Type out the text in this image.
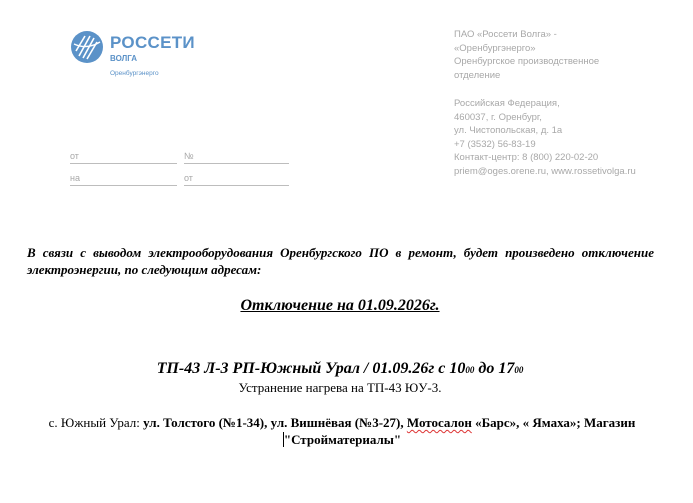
РОССЕТИ
ВОЛГА
Оренбургэнерго
ПАО «Россети Волга» -
«Оренбургэнерго»
Оренбургское производственное
отделение
Российская Федерация,
460037, г. Оренбург,
ул. Чистопольская, д. 1а
+7 (3532) 56-83-19
Контакт-центр: 8 (800) 220-02-20
priem@oges.orene.ru, www.rossetivolga.ru
от	№
на	от
В связи с выводом электрооборудования Оренбургского ПО в ремонт, будет произведено отключение электроэнергии, по следующим адресам:
Отключение на 01.09.2026г.
ТП-43 Л-3 РП-Южный Урал / 01.09.26г с 1000 до 1700
Устранение нагрева на ТП-43 ЮУ-3.
с. Южный Урал: ул. Толстого (№1-34), ул. Вишнёвая (№3-27), Мотосалон «Барс», « Ямаха»; Магазин "Стройматериалы"
